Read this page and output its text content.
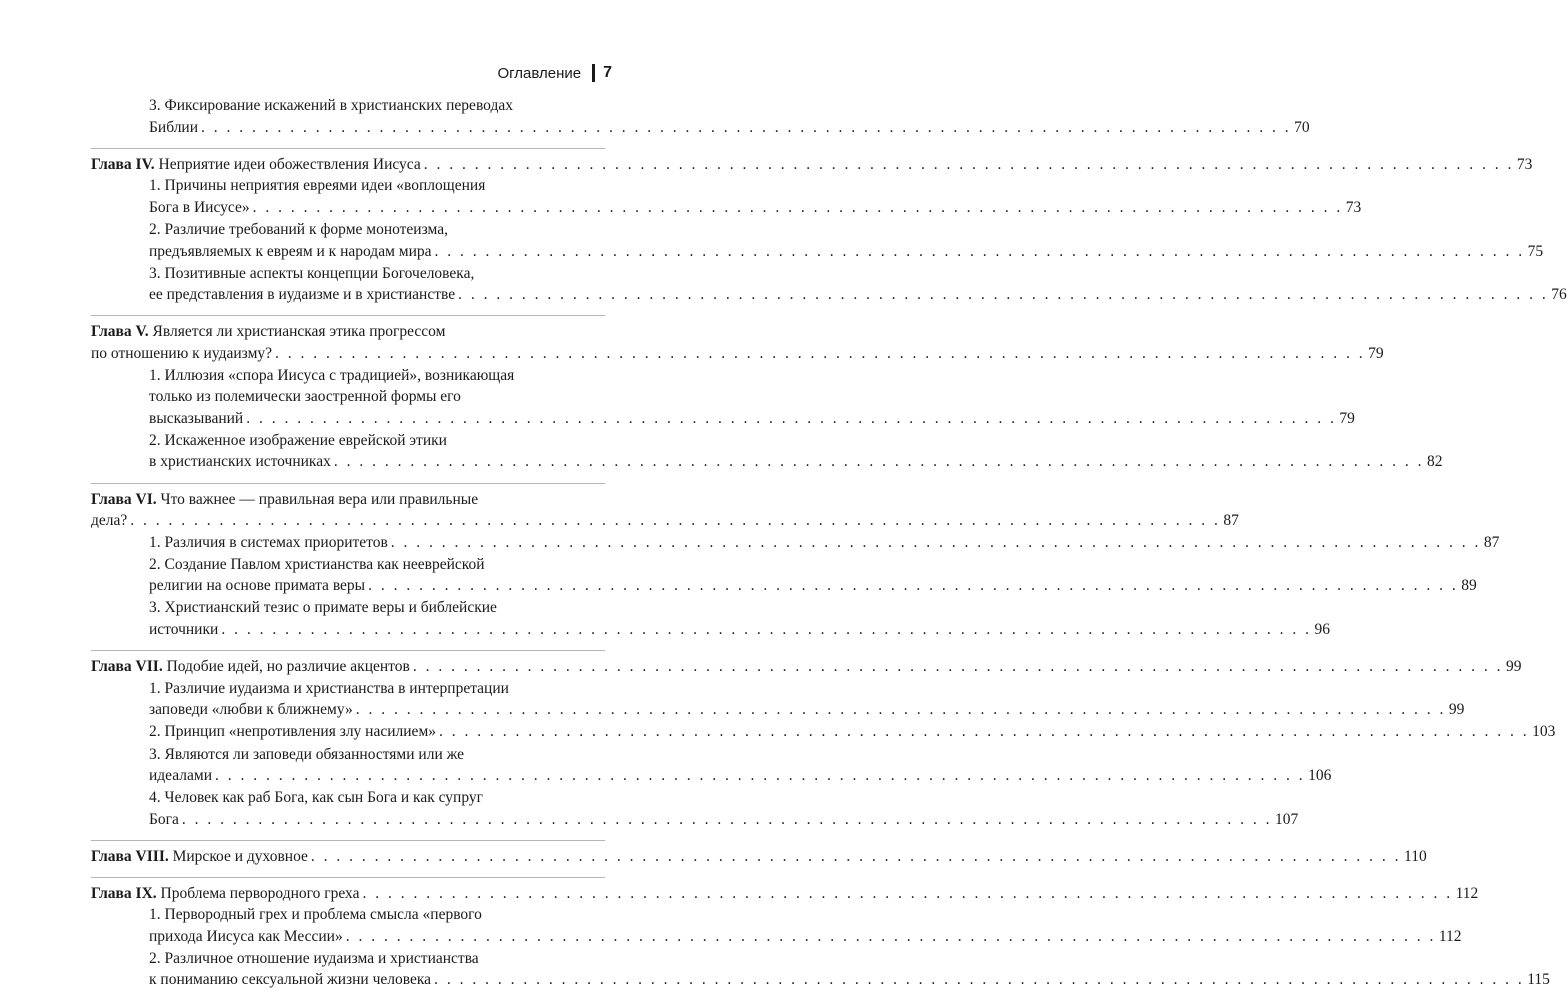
Оглавление 7
3. Фиксирование искажений в христианских переводах
Библии . . . . . . . . . . . . . . . . . . . . . . . . . . . . . . . . . . . . . . . . . . . . . . . . . . . . . . . . . . . . . . . . . . . . . . . . . . . . . . . . . . . . . . 70
Глава IV. Неприятие идеи обожествления Иисуса . . . . . . . . . . . . . . . . . . . . . . . . . . . . . . . . . . . . . . . . . . . . . . . . . . . . . . . . . . . . . . . . . . . . . . . . . . . . . . . . . . . . . . 73
1. Причины неприятия евреями идеи «воплощения
Бога в Иисусе» . . . . . . . . . . . . . . . . . . . . . . . . . . . . . . . . . . . . . . . . . . . . . . . . . . . . . . . . . . . . . . . . . . . . . . . . . . . . . . . . . . . . . . 73
2. Различие требований к форме монотеизма,
предъявляемых к евреям и к народам мира . . . . . . . . . . . . . . . . . . . . . . . . . . . . . . . . . . . . . . . . . . . . . . . . . . . . . . . . . . . . . . . . . . . . . . . . . . . . . . . . . . . . . . 75
3. Позитивные аспекты концепции Богочеловека,
ее представления в иудаизме и в христианстве . . . . . . . . . . . . . . . . . . . . . . . . . . . . . . . . . . . . . . . . . . . . . . . . . . . . . . . . . . . . . . . . . . . . . . . . . . . . . . . . . . . . . . 76
Глава V. Является ли христианская этика прогрессом
по отношению к иудаизму? . . . . . . . . . . . . . . . . . . . . . . . . . . . . . . . . . . . . . . . . . . . . . . . . . . . . . . . . . . . . . . . . . . . . . . . . . . . . . . . . . . . . . . 79
1. Иллюзия «спора Иисуса с традицией», возникающая
только из полемически заостренной формы его
высказываний . . . . . . . . . . . . . . . . . . . . . . . . . . . . . . . . . . . . . . . . . . . . . . . . . . . . . . . . . . . . . . . . . . . . . . . . . . . . . . . . . . . . . . 79
2. Искаженное изображение еврейской этики
в христианских источниках . . . . . . . . . . . . . . . . . . . . . . . . . . . . . . . . . . . . . . . . . . . . . . . . . . . . . . . . . . . . . . . . . . . . . . . . . . . . . . . . . . . . . . 82
Глава VI. Что важнее — правильная вера или правильные
дела? . . . . . . . . . . . . . . . . . . . . . . . . . . . . . . . . . . . . . . . . . . . . . . . . . . . . . . . . . . . . . . . . . . . . . . . . . . . . . . . . . . . . . . 87
1. Различия в системах приоритетов . . . . . . . . . . . . . . . . . . . . . . . . . . . . . . . . . . . . . . . . . . . . . . . . . . . . . . . . . . . . . . . . . . . . . . . . . . . . . . . . . . . . . . 87
2. Создание Павлом христианства как нееврейской
религии на основе примата веры . . . . . . . . . . . . . . . . . . . . . . . . . . . . . . . . . . . . . . . . . . . . . . . . . . . . . . . . . . . . . . . . . . . . . . . . . . . . . . . . . . . . . . 89
3. Христианский тезис о примате веры и библейские
источники . . . . . . . . . . . . . . . . . . . . . . . . . . . . . . . . . . . . . . . . . . . . . . . . . . . . . . . . . . . . . . . . . . . . . . . . . . . . . . . . . . . . . . 96
Глава VII. Подобие идей, но различие акцентов . . . . . . . . . . . . . . . . . . . . . . . . . . . . . . . . . . . . . . . . . . . . . . . . . . . . . . . . . . . . . . . . . . . . . . . . . . . . . . . . . . . . . . 99
1. Различие иудаизма и христианства в интерпретации
заповеди «любви к ближнему» . . . . . . . . . . . . . . . . . . . . . . . . . . . . . . . . . . . . . . . . . . . . . . . . . . . . . . . . . . . . . . . . . . . . . . . . . . . . . . . . . . . . . . 99
2. Принцип «непротивления злу насилием» . . . . . . . . . . . . . . . . . . . . . . . . . . . . . . . . . . . . . . . . . . . . . . . . . . . . . . . . . . . . . . . . . . . . . . . . . . . . . . . . . . . . . . 103
3. Являются ли заповеди обязанностями или же
идеалами . . . . . . . . . . . . . . . . . . . . . . . . . . . . . . . . . . . . . . . . . . . . . . . . . . . . . . . . . . . . . . . . . . . . . . . . . . . . . . . . . . . . . . 106
4. Человек как раб Бога, как сын Бога и как супруг
Бога . . . . . . . . . . . . . . . . . . . . . . . . . . . . . . . . . . . . . . . . . . . . . . . . . . . . . . . . . . . . . . . . . . . . . . . . . . . . . . . . . . . . . . 107
Глава VIII. Мирское и духовное . . . . . . . . . . . . . . . . . . . . . . . . . . . . . . . . . . . . . . . . . . . . . . . . . . . . . . . . . . . . . . . . . . . . . . . . . . . . . . . . . . . . . . 110
Глава IX. Проблема первородного греха . . . . . . . . . . . . . . . . . . . . . . . . . . . . . . . . . . . . . . . . . . . . . . . . . . . . . . . . . . . . . . . . . . . . . . . . . . . . . . . . . . . . . . 112
1. Первородный грех и проблема смысла «первого
прихода Иисуса как Мессии» . . . . . . . . . . . . . . . . . . . . . . . . . . . . . . . . . . . . . . . . . . . . . . . . . . . . . . . . . . . . . . . . . . . . . . . . . . . . . . . . . . . . . . 112
2. Различное отношение иудаизма и христианства
к пониманию сексуальной жизни человека . . . . . . . . . . . . . . . . . . . . . . . . . . . . . . . . . . . . . . . . . . . . . . . . . . . . . . . . . . . . . . . . . . . . . . . . . . . . . . . . . . . . . . 115
